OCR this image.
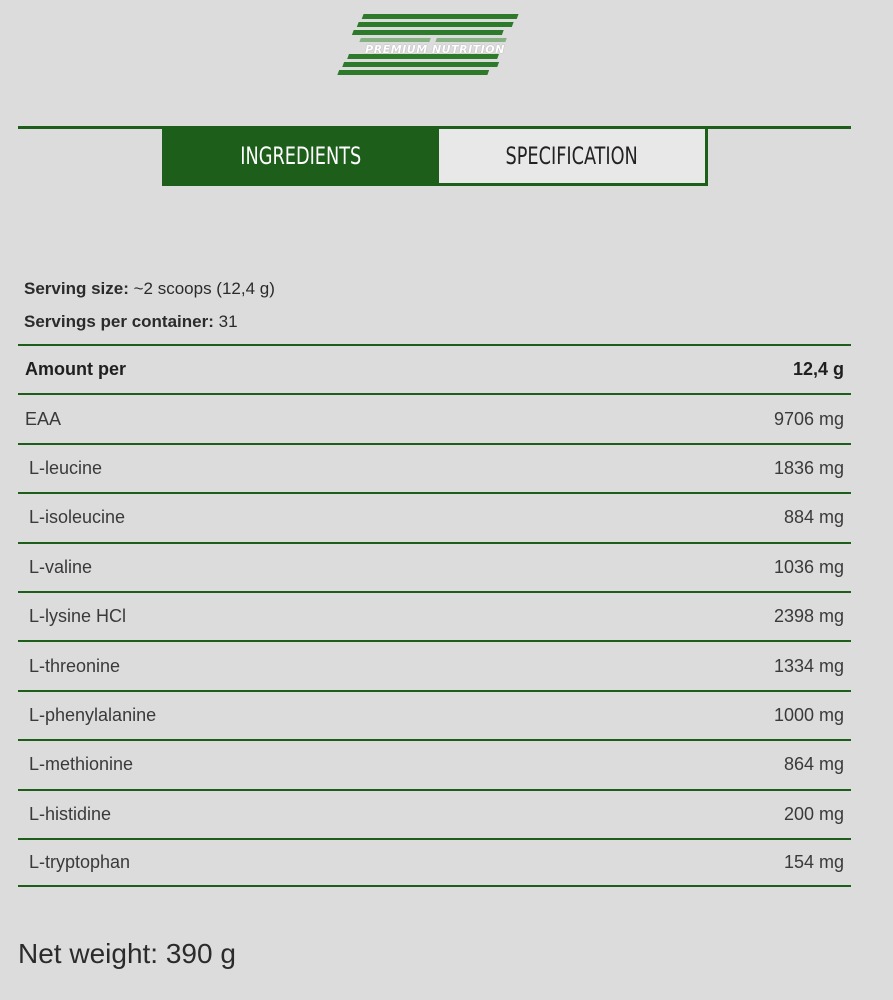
PREMIUM NUTRITION
INGREDIENTS	SPECIFICATION
Serving size: ~2 scoops (12,4 g)
Servings per container: 31
Amount per	12,4 g
EAA	9706 mg
L-leucine	1836 mg
L-isoleucine	884 mg
L-valine	1036 mg
L-lysine HCl	2398 mg
L-threonine	1334 mg
L-phenylalanine	1000 mg
L-methionine	864 mg
L-histidine	200 mg
L-tryptophan	154 mg
Net weight: 390 g
